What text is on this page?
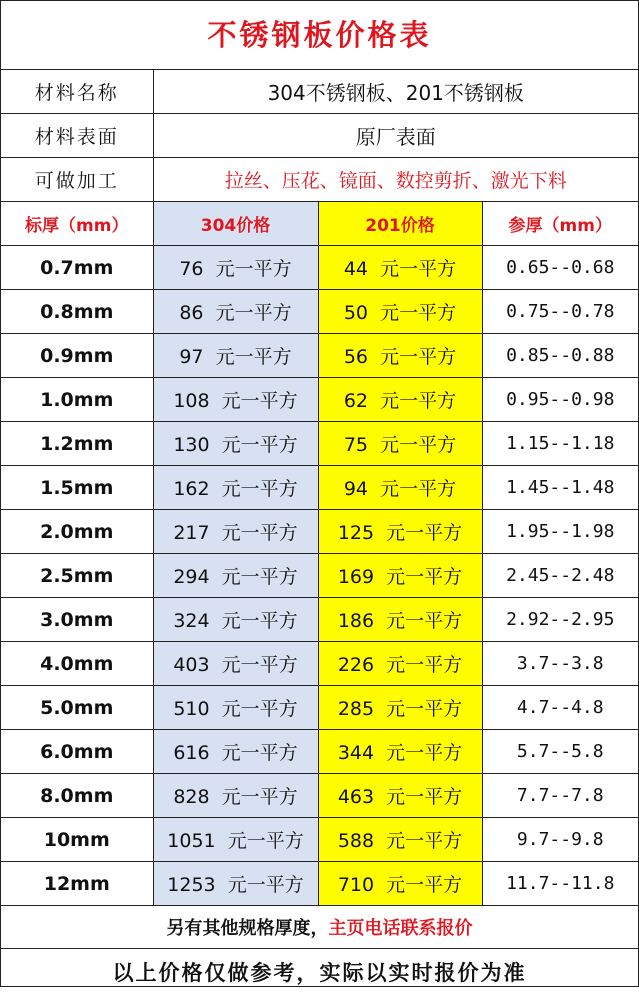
不锈钢板价格表
材料名称	304不锈钢板、201不锈钢板		
材料表面	原厂表面		
可做加工	拉丝、压花、镜面、数控剪折、激光下料		
标厚（mm）	304价格	201价格	参厚（mm）
0.7mm	76 元一平方	44 元一平方	0.65--0.68
0.8mm	86 元一平方	50 元一平方	0.75--0.78
0.9mm	97 元一平方	56 元一平方	0.85--0.88
1.0mm	108 元一平方	62 元一平方	0.95--0.98
1.2mm	130 元一平方	75 元一平方	1.15--1.18
1.5mm	162 元一平方	94 元一平方	1.45--1.48
2.0mm	217 元一平方	125 元一平方	1.95--1.98
2.5mm	294 元一平方	169 元一平方	2.45--2.48
3.0mm	324 元一平方	186 元一平方	2.92--2.95
4.0mm	403 元一平方	226 元一平方	3.7--3.8
5.0mm	510 元一平方	285 元一平方	4.7--4.8
6.0mm	616 元一平方	344 元一平方	5.7--5.8
8.0mm	828 元一平方	463 元一平方	7.7--7.8
10mm	1051 元一平方	588 元一平方	9.7--9.8
12mm	1253 元一平方	710 元一平方	11.7--11.8
另有其他规格厚度，主页电话联系报价
以上价格仅做参考，实际以实时报价为准
